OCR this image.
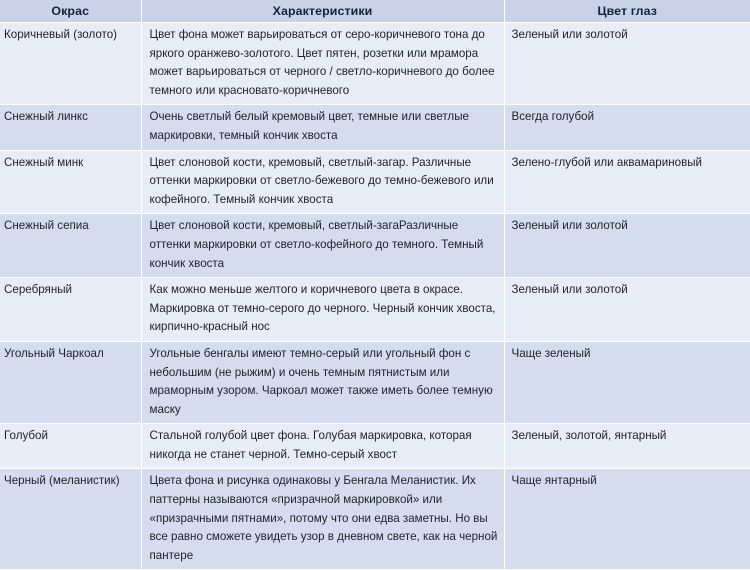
Окрас	Характеристики	Цвет глаз
Коричневый (золото)	Цвет фона может варьироваться от серо-коричневого тона до яркого оранжево-золотого. Цвет пятен, розетки или мрамора может варьироваться от черного / светло-коричневого до более темного или красновато-коричневого	Зеленый или золотой
Снежный линкс	Очень светлый белый кремовый цвет, темные или светлые маркировки, темный кончик хвоста	Всегда голубой
Снежный минк	Цвет слоновой кости, кремовый, светлый-загар. Различные оттенки маркировки от светло-бежевого до темно-бежевого или кофейного. Темный кончик хвоста	Зелено-глубой или аквамариновый
Снежный сепиа	Цвет слоновой кости, кремовый, светлый-загаРазличные оттенки маркировки от светло-кофейного до темного. Темный кончик хвоста	Зеленый или золотой
Серебряный	Как можно меньше желтого и коричневого цвета в окрасе. Маркировка от темно-серого до черного. Черный кончик хвоста, кирпично-красный нос	Зеленый или золотой
Угольный Чаркоал	Угольные бенгалы имеют темно-серый или угольный фон с небольшим (не рыжим) и очень темным пятнистым или мраморным узором. Чаркоал может также иметь более темную маску	Чаще зеленый
Голубой	Стальной голубой цвет фона. Голубая маркировка, которая никогда не станет черной. Темно-серый хвост	Зеленый, золотой, янтарный
Черный (меланистик)	Цвета фона и рисунка одинаковы у Бенгала Меланистик. Их паттерны называются «призрачной маркировкой» или «призрачными пятнами», потому что они едва заметны. Но вы все равно сможете увидеть узор в дневном свете, как на черной пантере	Чаще янтарный
